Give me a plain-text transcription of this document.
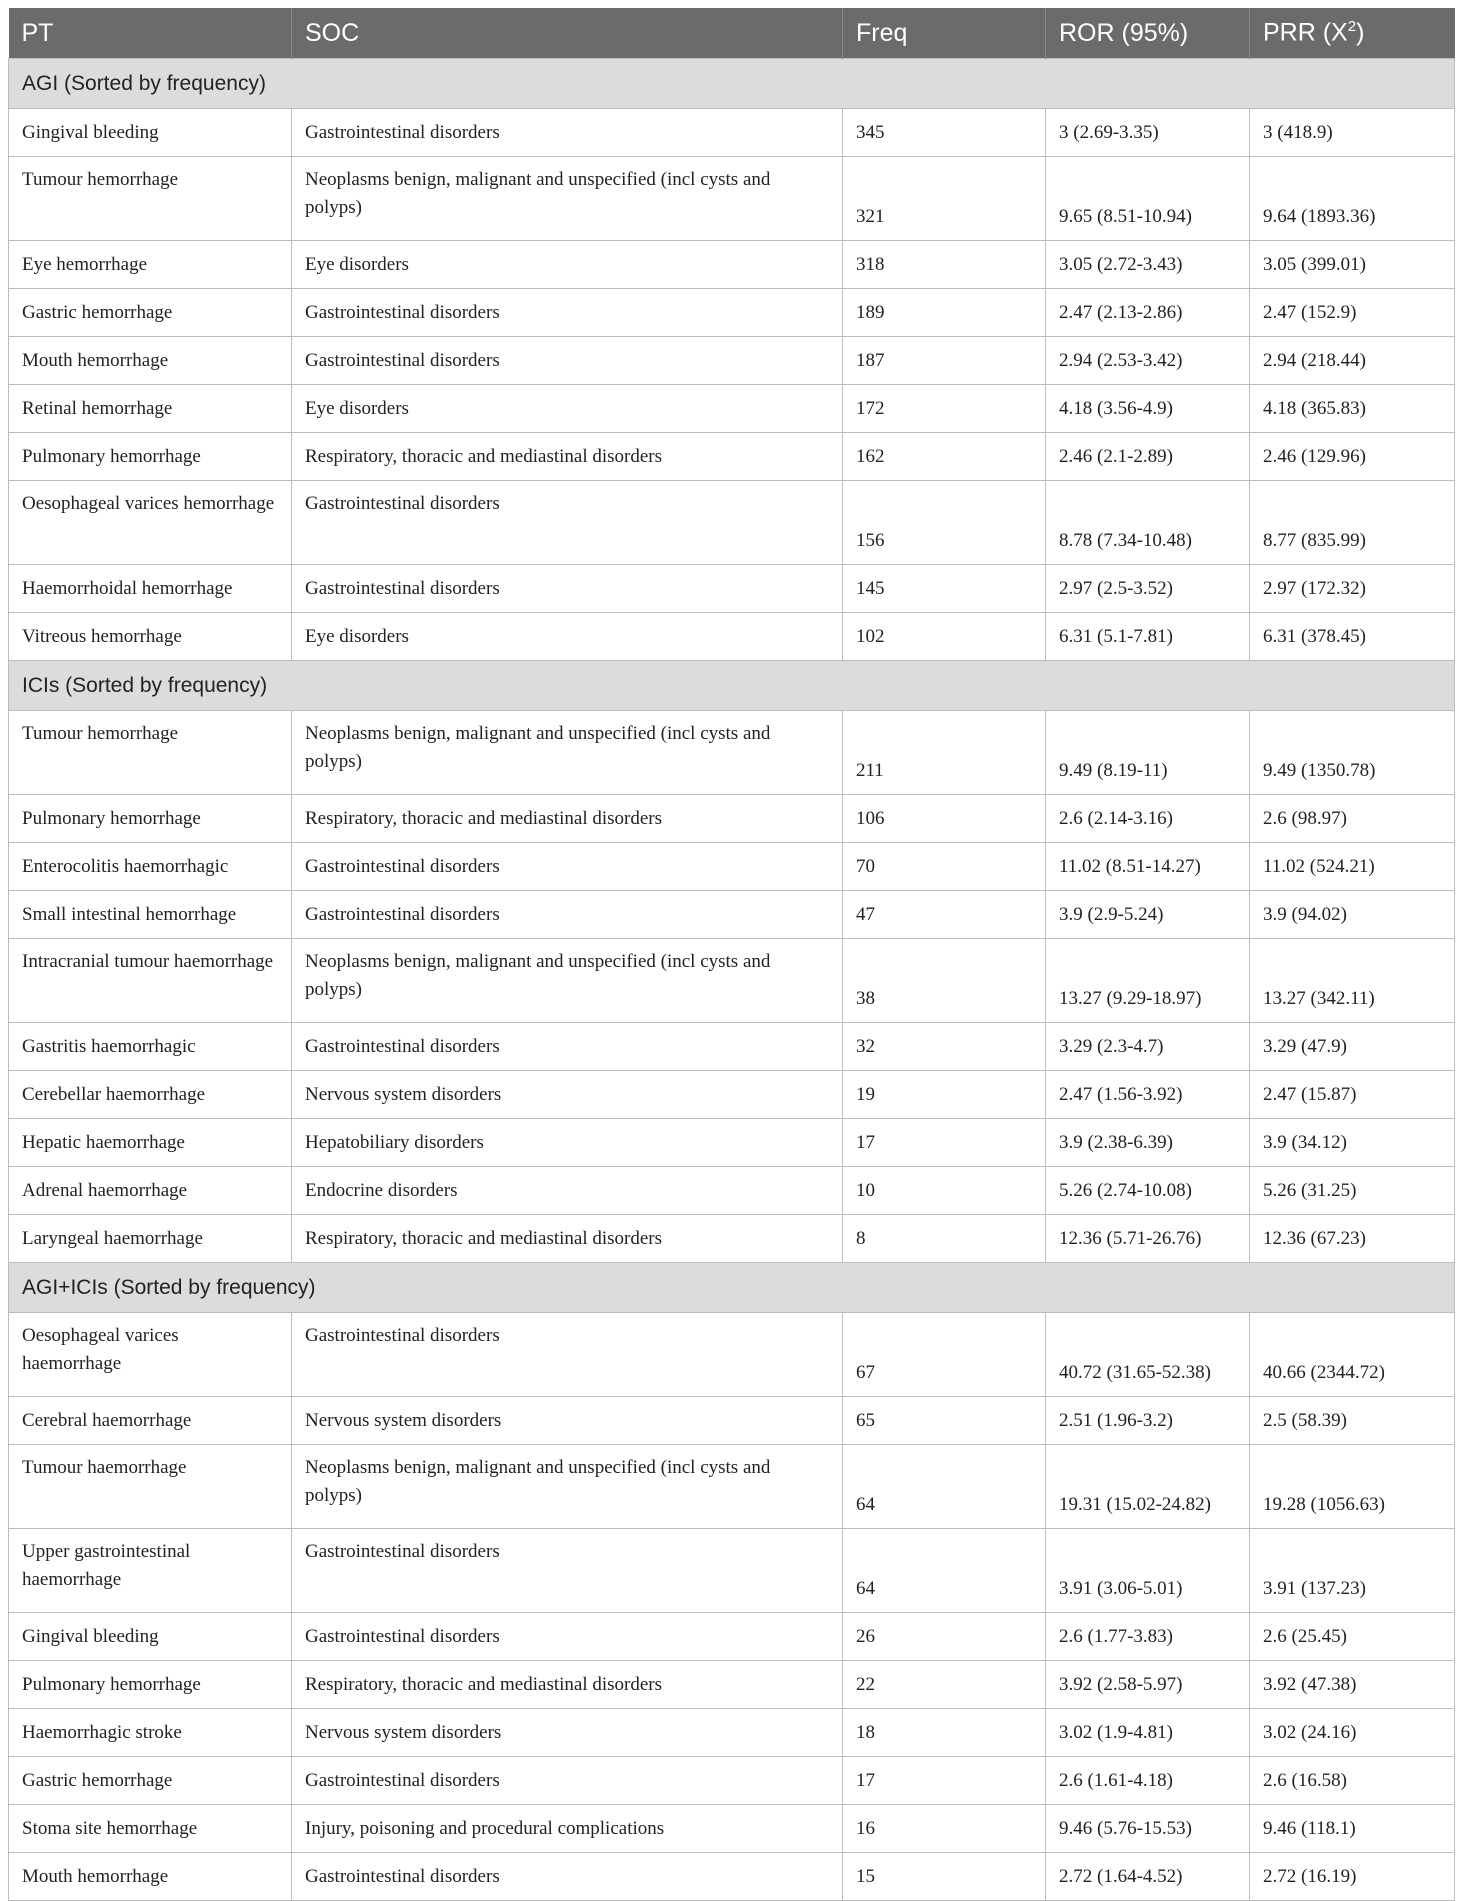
PT	SOC	Freq	ROR (95%)	PRR $(X^2)$
AGI (Sorted by frequency)				
Gingival bleeding	Gastrointestinal disorders	345	3 (2.69-3.35)	3 (418.9)
Tumour hemorrhage	Neoplasms benign, malignant and unspecified (incl cysts and polyps)	321	9.65 (8.51-10.94)	9.64 (1893.36)
Eye hemorrhage	Eye disorders	318	3.05 (2.72-3.43)	3.05 (399.01)
Gastric hemorrhage	Gastrointestinal disorders	189	2.47 (2.13-2.86)	2.47 (152.9)
Mouth hemorrhage	Gastrointestinal disorders	187	2.94 (2.53-3.42)	2.94 (218.44)
Retinal hemorrhage	Eye disorders	172	4.18 (3.56-4.9)	4.18 (365.83)
Pulmonary hemorrhage	Respiratory, thoracic and mediastinal disorders	162	2.46 (2.1-2.89)	2.46 (129.96)
Oesophageal varices hemorrhage	Gastrointestinal disorders	156	8.78 (7.34-10.48)	8.77 (835.99)
Haemorrhoidal hemorrhage	Gastrointestinal disorders	145	2.97 (2.5-3.52)	2.97 (172.32)
Vitreous hemorrhage	Eye disorders	102	6.31 (5.1-7.81)	6.31 (378.45)
ICIs (Sorted by frequency)				
Tumour hemorrhage	Neoplasms benign, malignant and unspecified (incl cysts and polyps)	211	9.49 (8.19-11)	9.49 (1350.78)
Pulmonary hemorrhage	Respiratory, thoracic and mediastinal disorders	106	2.6 (2.14-3.16)	2.6 (98.97)
Enterocolitis haemorrhagic	Gastrointestinal disorders	70	11.02 (8.51-14.27)	11.02 (524.21)
Small intestinal hemorrhage	Gastrointestinal disorders	47	3.9 (2.9-5.24)	3.9 (94.02)
Intracranial tumour haemorrhage	Neoplasms benign, malignant and unspecified (incl cysts and polyps)	38	13.27 (9.29-18.97)	13.27 (342.11)
Gastritis haemorrhagic	Gastrointestinal disorders	32	3.29 (2.3-4.7)	3.29 (47.9)
Cerebellar haemorrhage	Nervous system disorders	19	2.47 (1.56-3.92)	2.47 (15.87)
Hepatic haemorrhage	Hepatobiliary disorders	17	3.9 (2.38-6.39)	3.9 (34.12)
Adrenal haemorrhage	Endocrine disorders	10	5.26 (2.74-10.08)	5.26 (31.25)
Laryngeal haemorrhage	Respiratory, thoracic and mediastinal disorders	8	12.36 (5.71-26.76)	12.36 (67.23)
AGI+ICIs (Sorted by frequency)				
Oesophageal varices haemorrhage	Gastrointestinal disorders	67	40.72 (31.65-52.38)	40.66 (2344.72)
Cerebral haemorrhage	Nervous system disorders	65	2.51 (1.96-3.2)	2.5 (58.39)
Tumour haemorrhage	Neoplasms benign, malignant and unspecified (incl cysts and polyps)	64	19.31 (15.02-24.82)	19.28 (1056.63)
Upper gastrointestinal haemorrhage	Gastrointestinal disorders	64	3.91 (3.06-5.01)	3.91 (137.23)
Gingival bleeding	Gastrointestinal disorders	26	2.6 (1.77-3.83)	2.6 (25.45)
Pulmonary hemorrhage	Respiratory, thoracic and mediastinal disorders	22	3.92 (2.58-5.97)	3.92 (47.38)
Haemorrhagic stroke	Nervous system disorders	18	3.02 (1.9-4.81)	3.02 (24.16)
Gastric hemorrhage	Gastrointestinal disorders	17	2.6 (1.61-4.18)	2.6 (16.58)
Stoma site hemorrhage	Injury, poisoning and procedural complications	16	9.46 (5.76-15.53)	9.46 (118.1)
Mouth hemorrhage	Gastrointestinal disorders	15	2.72 (1.64-4.52)	2.72 (16.19)
